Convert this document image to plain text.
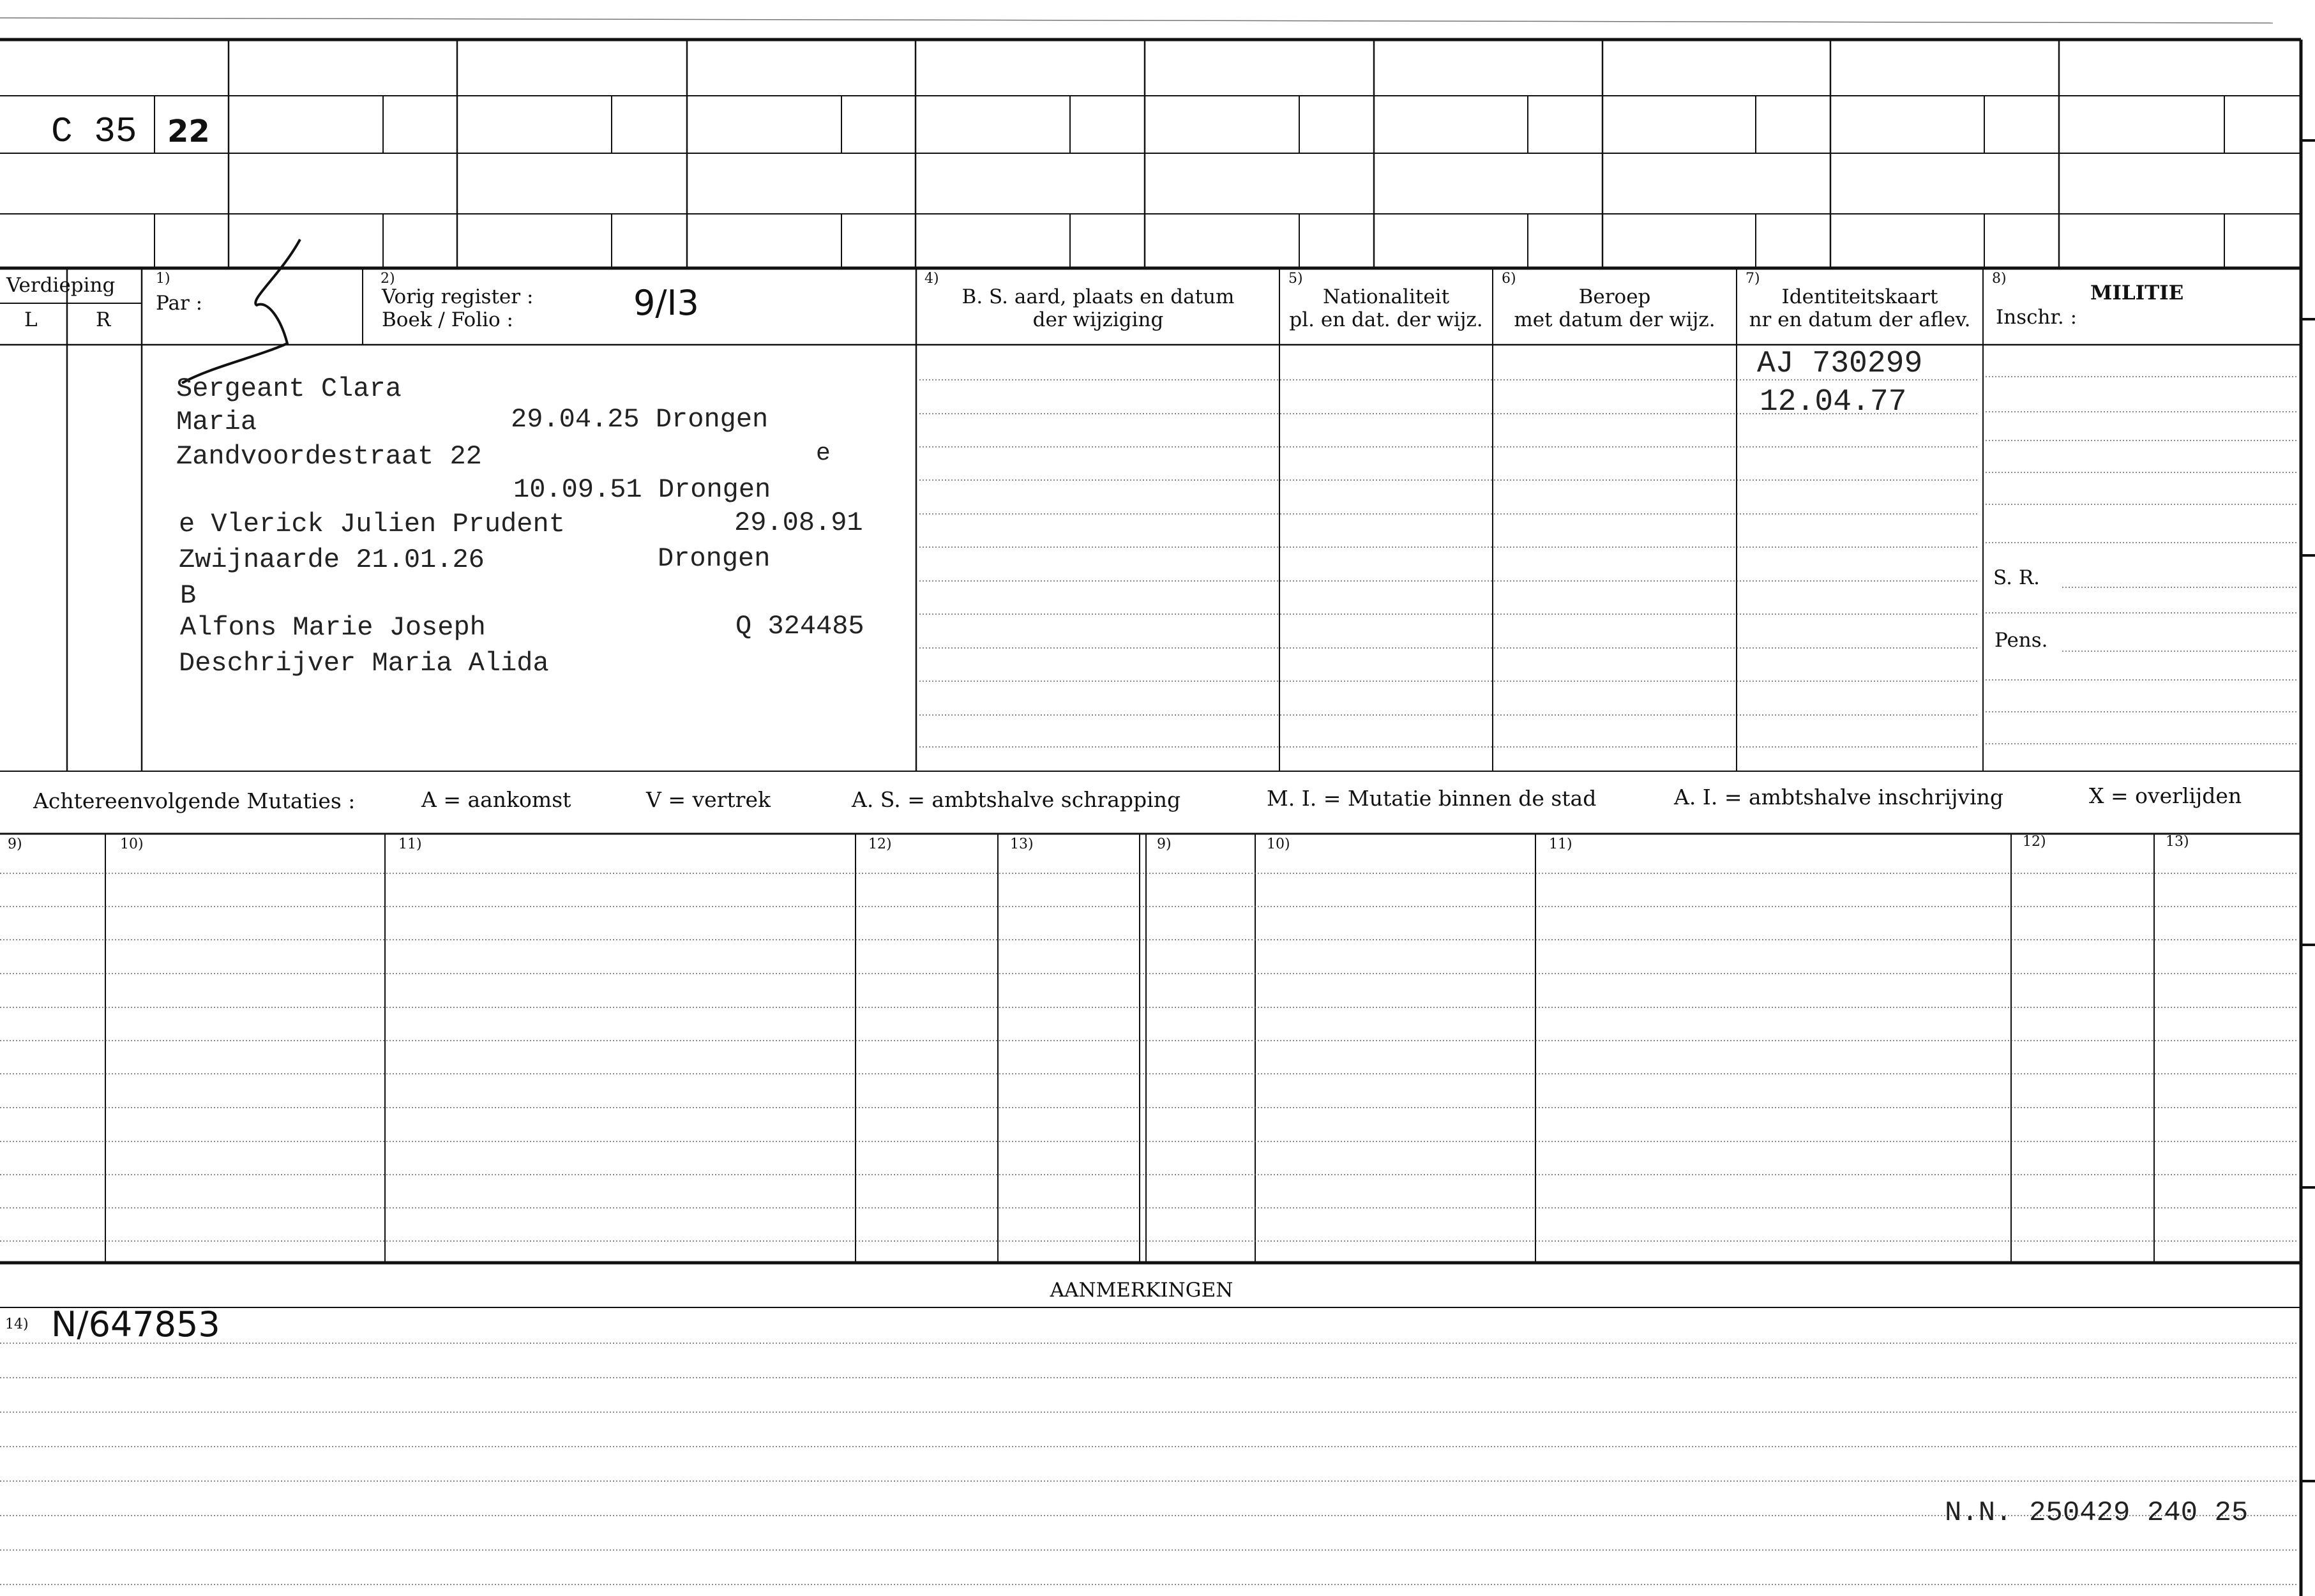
C 35 22
Verdieping
L	R
1)
Par :
2)
Vorig register :
Boek / Folio :	9/I3
4)
B. S. aard, plaats en datum
der wijziging
5)
Nationaliteit
pl. en dat. der wijz.
6)
Beroep
met datum der wijz.
7)
Identiteitskaart
nr en datum der aflev.
8)
MILITIE
Inschr. :
S. R.
Pens.
Sergeant Clara
Maria	29.04.25 Drongen
Zandvoordestraat 22	e
10.09.51 Drongen
e Vlerick Julien Prudent	29.08.91
Zwijnaarde 21.01.26	Drongen
B
Alfons Marie Joseph	Q 324485
Deschrijver Maria Alida
AJ 730299
12.04.77
Achtereenvolgende Mutaties :	A = aankomst	V = vertrek	A. S. = ambtshalve schrapping	M. I. = Mutatie binnen de stad	A. I. = ambtshalve inschrijving	X = overlijden
9)	10)	11)	12)	13)	9)	10)	11)	12)	13)
AANMERKINGEN
14) N/647853
N.N. 250429 240 25
